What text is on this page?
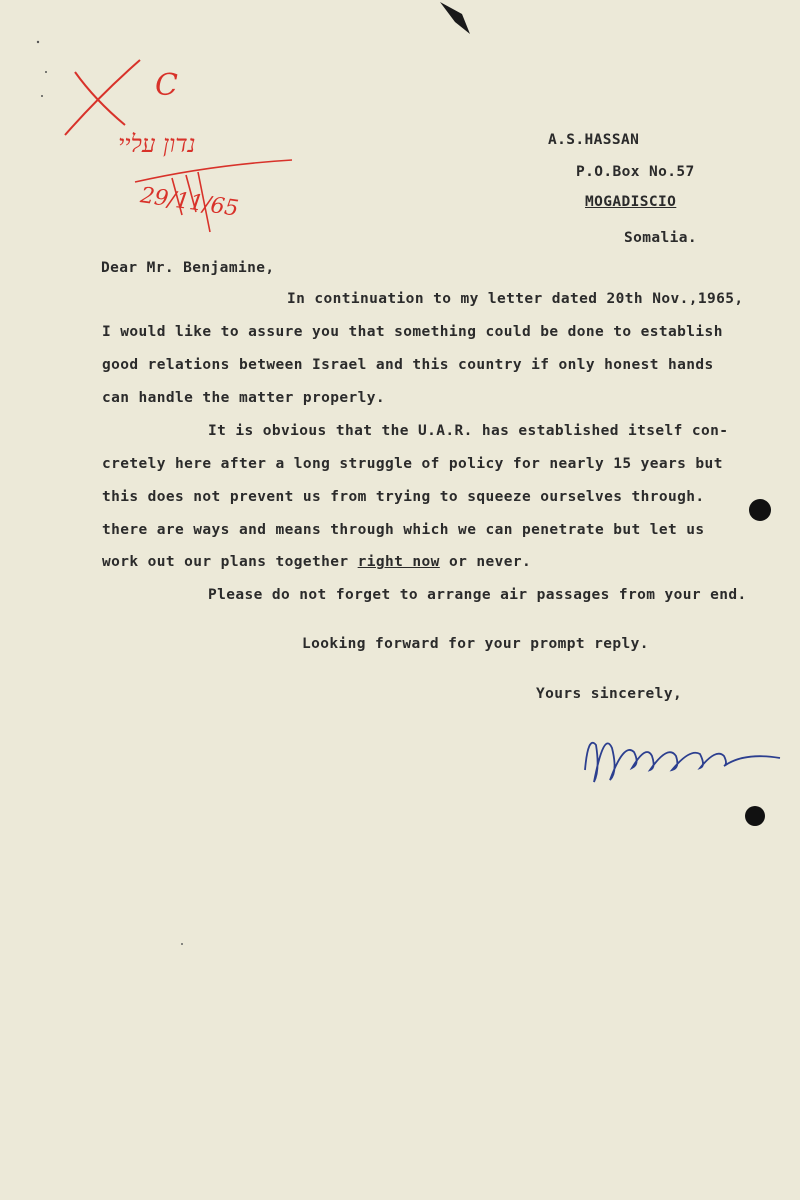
C
נדון עליי
29/11/65
A.S.HASSAN
P.O.Box No.57
MOGADISCIO
Somalia.
Dear Mr. Benjamine,
In continuation to my letter dated 20th Nov.,1965,
I would like to assure you that something could be done to establish
good relations between Israel and this country if only honest hands
can handle the matter properly.
It is obvious that the U.A.R. has established itself con-
cretely here after a long struggle of policy for nearly 15 years but
this does not prevent us from trying to squeeze ourselves through.
there are ways and means through which we can penetrate but let us
work out our plans together right now or never.
Please do not forget to arrange air passages from your end.
Looking forward for your prompt reply.
Yours sincerely,
